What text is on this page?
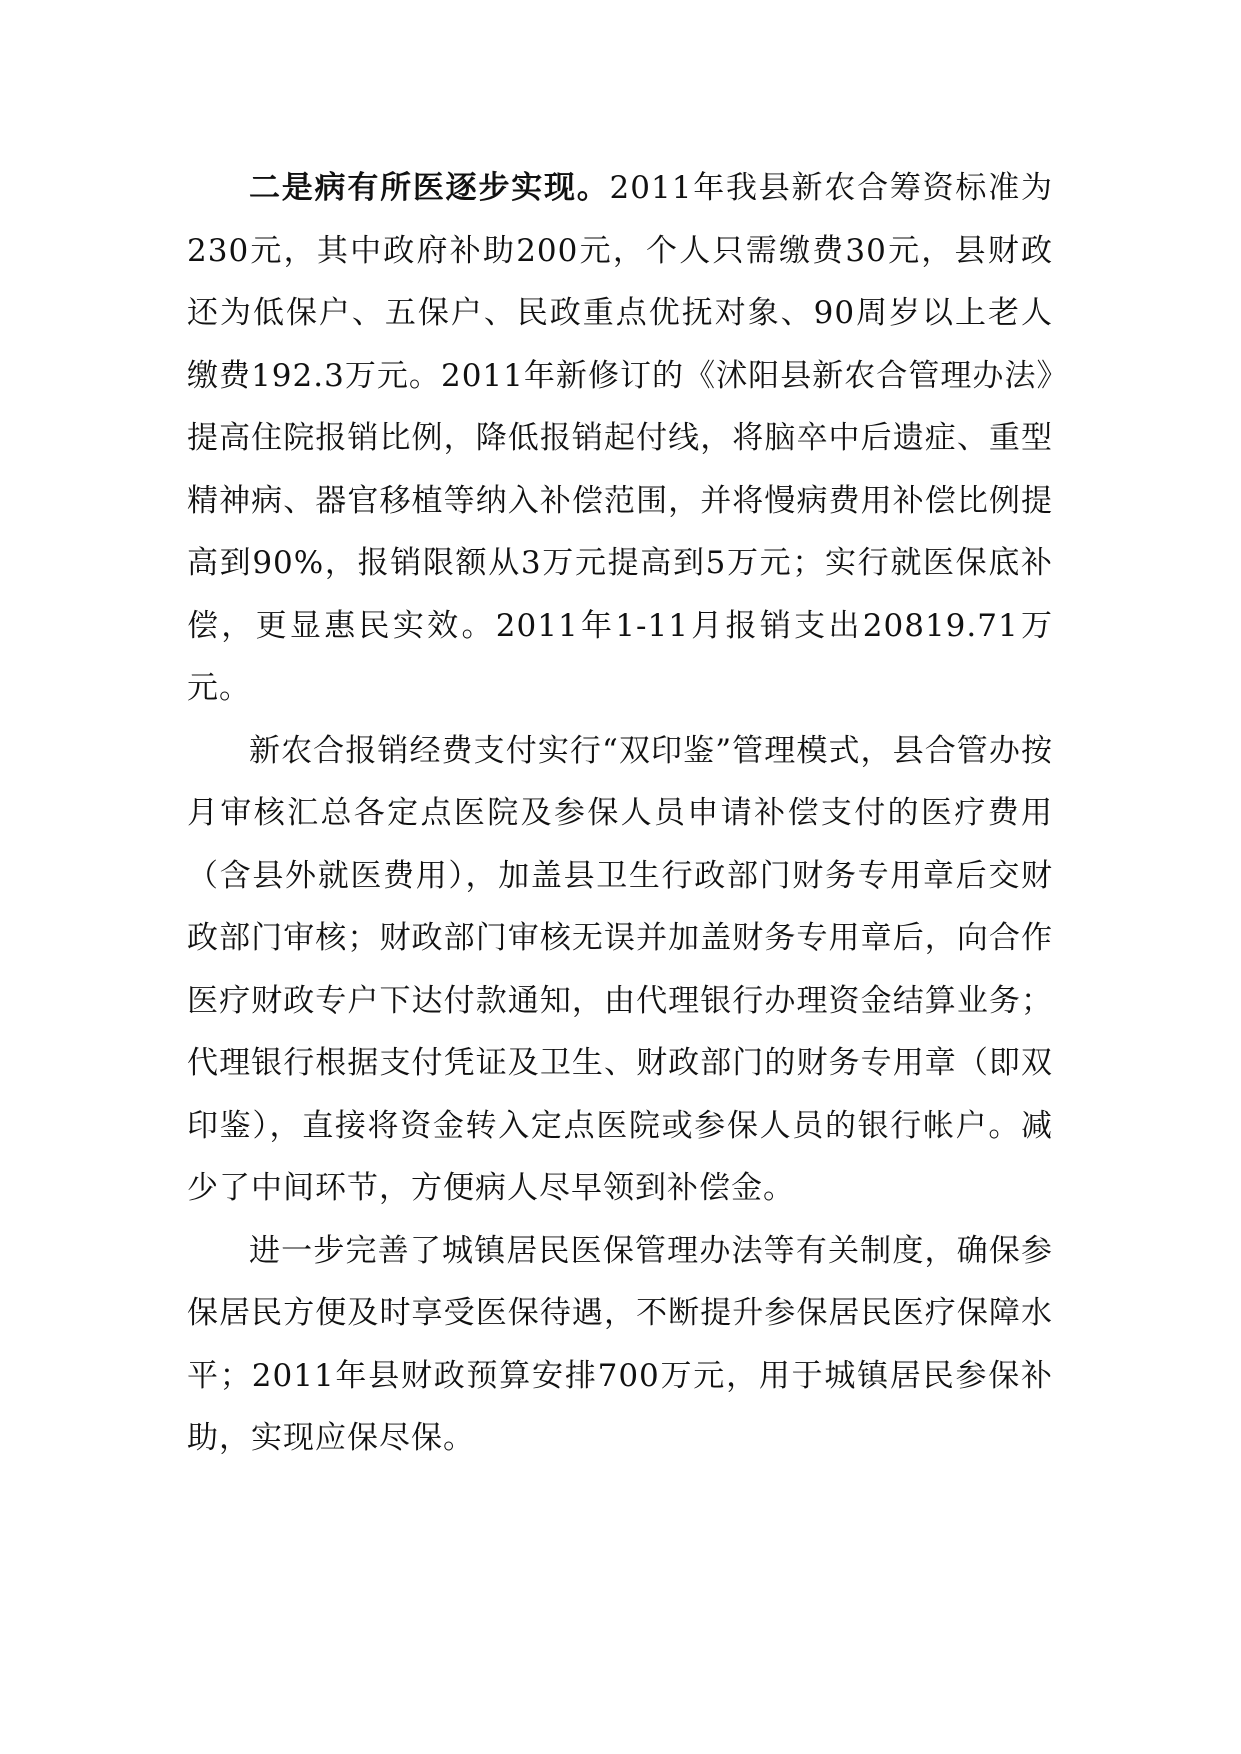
二是病有所医逐步实现。2011年我县新农合筹资标准为230元，其中政府补助200元，个人只需缴费30元，县财政还为低保户、五保户、民政重点优抚对象、90周岁以上老人缴费192.3万元。2011年新修订的《沭阳县新农合管理办法》提高住院报销比例，降低报销起付线，将脑卒中后遗症、重型精神病、器官移植等纳入补偿范围，并将慢病费用补偿比例提高到90%，报销限额从3万元提高到5万元；实行就医保底补偿，更显惠民实效。2011年1-11月报销支出20819.71万元。

新农合报销经费支付实行“双印鉴”管理模式，县合管办按月审核汇总各定点医院及参保人员申请补偿支付的医疗费用（含县外就医费用），加盖县卫生行政部门财务专用章后交财政部门审核；财政部门审核无误并加盖财务专用章后，向合作医疗财政专户下达付款通知，由代理银行办理资金结算业务；代理银行根据支付凭证及卫生、财政部门的财务专用章（即双印鉴），直接将资金转入定点医院或参保人员的银行帐户。减少了中间环节，方便病人尽早领到补偿金。

进一步完善了城镇居民医保管理办法等有关制度，确保参保居民方便及时享受医保待遇，不断提升参保居民医疗保障水平；2011年县财政预算安排700万元，用于城镇居民参保补助，实现应保尽保。
